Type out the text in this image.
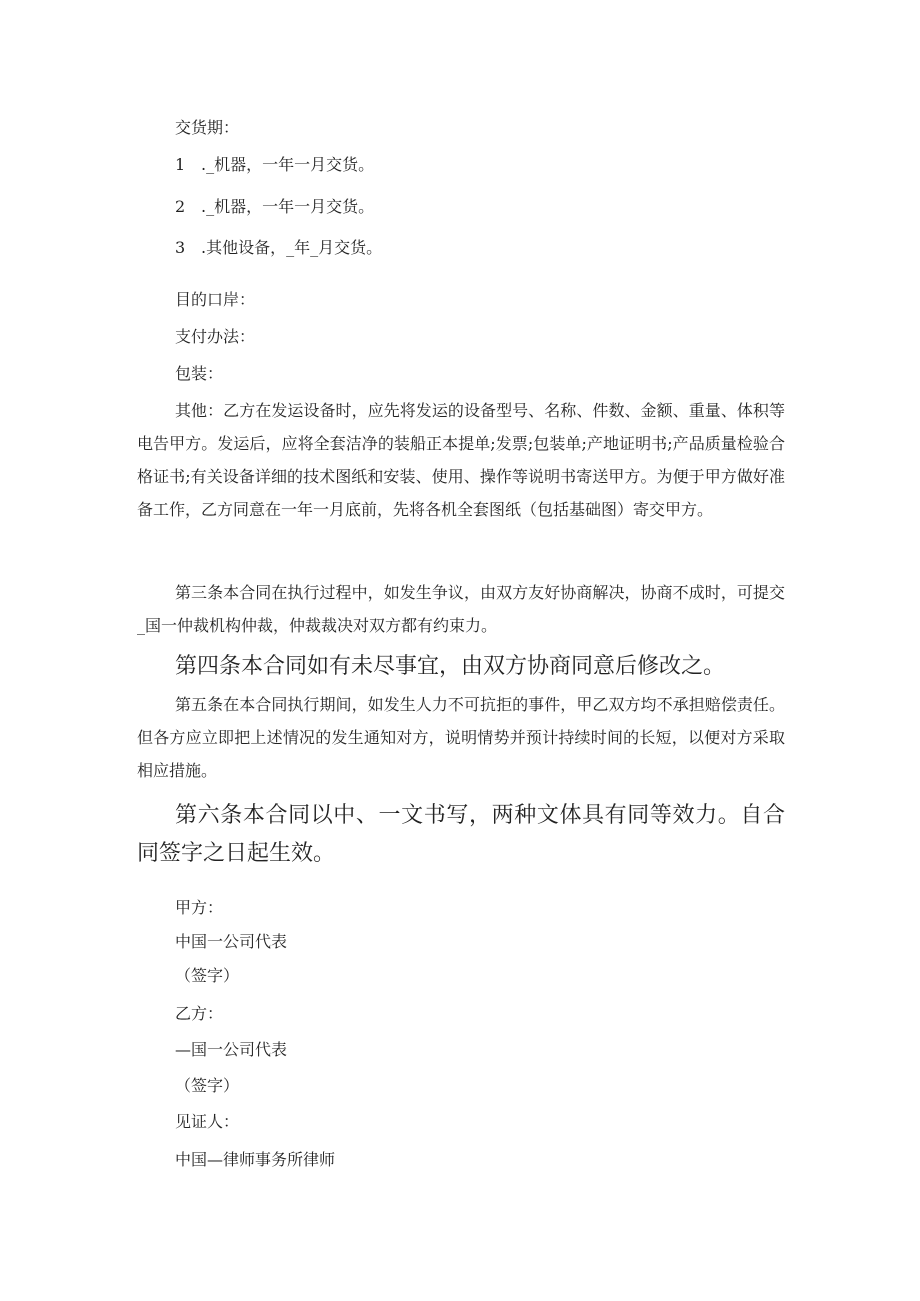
交货期：

1 ._机器，一年一月交货。

2 ._机器，一年一月交货。

3 .其他设备，_年_月交货。

目的口岸：

支付办法：

包装：

其他：乙方在发运设备时，应先将发运的设备型号、名称、件数、金额、重量、体积等电告甲方。发运后，应将全套洁净的装船正本提单;发票;包装单;产地证明书;产品质量检验合格证书;有关设备详细的技术图纸和安装、使用、操作等说明书寄送甲方。为便于甲方做好准备工作，乙方同意在一年一月底前，先将各机全套图纸（包括基础图）寄交甲方。

第三条本合同在执行过程中，如发生争议，由双方友好协商解决，协商不成时，可提交_国一仲裁机构仲裁，仲裁裁决对双方都有约束力。

第四条本合同如有未尽事宜，由双方协商同意后修改之。

第五条在本合同执行期间，如发生人力不可抗拒的事件，甲乙双方均不承担赔偿责任。但各方应立即把上述情况的发生通知对方，说明情势并预计持续时间的长短，以便对方采取相应措施。

第六条本合同以中、一文书写，两种文体具有同等效力。自合同签字之日起生效。

甲方：

中国一公司代表

（签字）

乙方：

—国一公司代表

（签字）

见证人：

中国—律师事务所律师
